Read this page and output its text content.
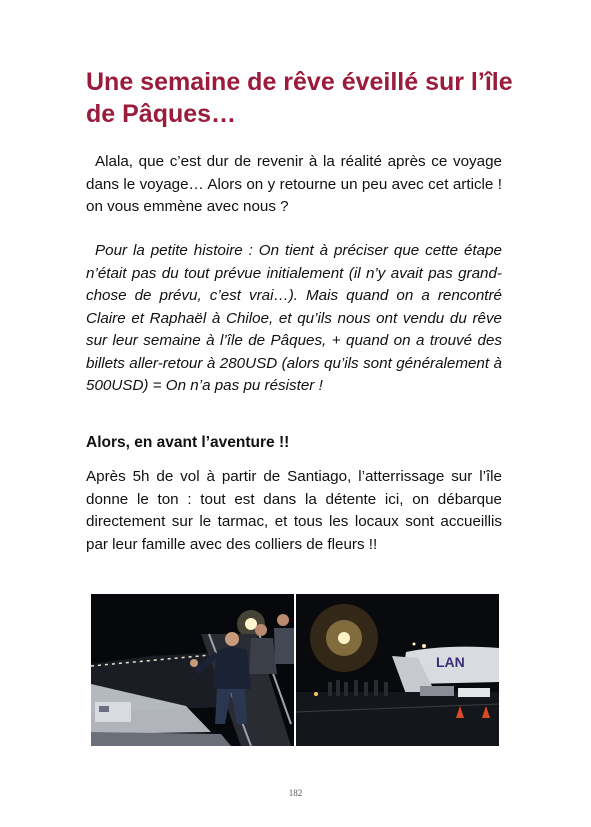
Une semaine de rêve éveillé sur l’île de Pâques…

Alala, que c’est dur de revenir à la réalité après ce voyage dans le voyage… Alors on y retourne un peu avec cet article ! on vous emmène avec nous ?

Pour la petite histoire : On tient à préciser que cette étape n’était pas du tout prévue initialement (il n’y avait pas grand-chose de prévu, c’est vrai…). Mais quand on a rencontré Claire et Raphaël à Chiloe, et qu’ils nous ont vendu du rêve sur leur semaine à l’île de Pâques, + quand on a trouvé des billets aller-retour à 280USD (alors qu’ils sont généralement à 500USD) = On n’a pas pu résister !

Alors, en avant l’aventure !!

Après 5h de vol à partir de Santiago, l’atterrissage sur l’île donne le ton : tout est dans la détente ici, on débarque directement sur le tarmac, et tous les locaux sont accueillis par leur famille avec des colliers de fleurs !!

LAN
182
